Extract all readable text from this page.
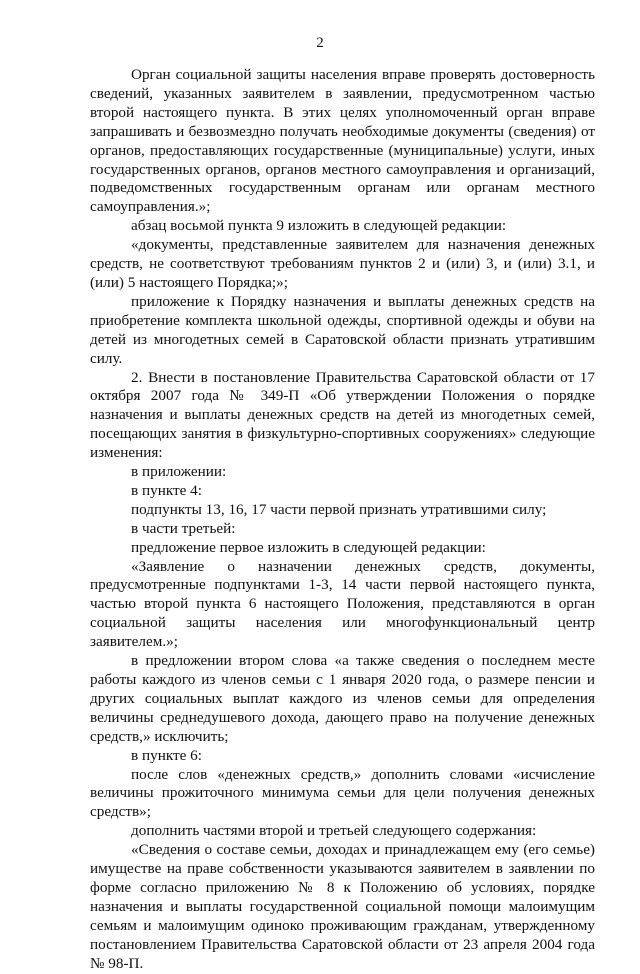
2

Орган социальной защиты населения вправе проверять достоверность сведений, указанных заявителем в заявлении, предусмотренном частью второй настоящего пункта. В этих целях уполномоченный орган вправе запрашивать и безвозмездно получать необходимые документы (сведения) от органов, предоставляющих государственные (муниципальные) услуги, иных государственных органов, органов местного самоуправления и организаций, подведомственных государственным органам или органам местного самоуправления.»;

абзац восьмой пункта 9 изложить в следующей редакции:

«документы, представленные заявителем для назначения денежных средств, не соответствуют требованиям пунктов 2 и (или) 3, и (или) 3.1, и (или) 5 настоящего Порядка;»;

приложение к Порядку назначения и выплаты денежных средств на приобретение комплекта школьной одежды, спортивной одежды и обуви на детей из многодетных семей в Саратовской области признать утратившим силу.

2. Внести в постановление Правительства Саратовской области от 17 октября 2007 года № 349-П «Об утверждении Положения о порядке назначения и выплаты денежных средств на детей из многодетных семей, посещающих занятия в физкультурно-спортивных сооружениях» следующие изменения:

в приложении:

в пункте 4:

подпункты 13, 16, 17 части первой признать утратившими силу;

в части третьей:

предложение первое изложить в следующей редакции:

«Заявление о назначении денежных средств, документы, предусмотренные подпунктами 1-3, 14 части первой настоящего пункта, частью второй пункта 6 настоящего Положения, представляются в орган социальной защиты населения или многофункциональный центр заявителем.»;

в предложении втором слова «а также сведения о последнем месте работы каждого из членов семьи с 1 января 2020 года, о размере пенсии и других социальных выплат каждого из членов семьи для определения величины среднедушевого дохода, дающего право на получение денежных средств,» исключить;

в пункте 6:

после слов «денежных средств,» дополнить словами «исчисление величины прожиточного минимума семьи для цели получения денежных средств»;

дополнить частями второй и третьей следующего содержания:

«Сведения о составе семьи, доходах и принадлежащем ему (его семье) имуществе на праве собственности указываются заявителем в заявлении по форме согласно приложению № 8 к Положению об условиях, порядке назначения и выплаты государственной социальной помощи малоимущим семьям и малоимущим одиноко проживающим гражданам, утвержденному постановлением Правительства Саратовской области от 23 апреля 2004 года № 98-П.
